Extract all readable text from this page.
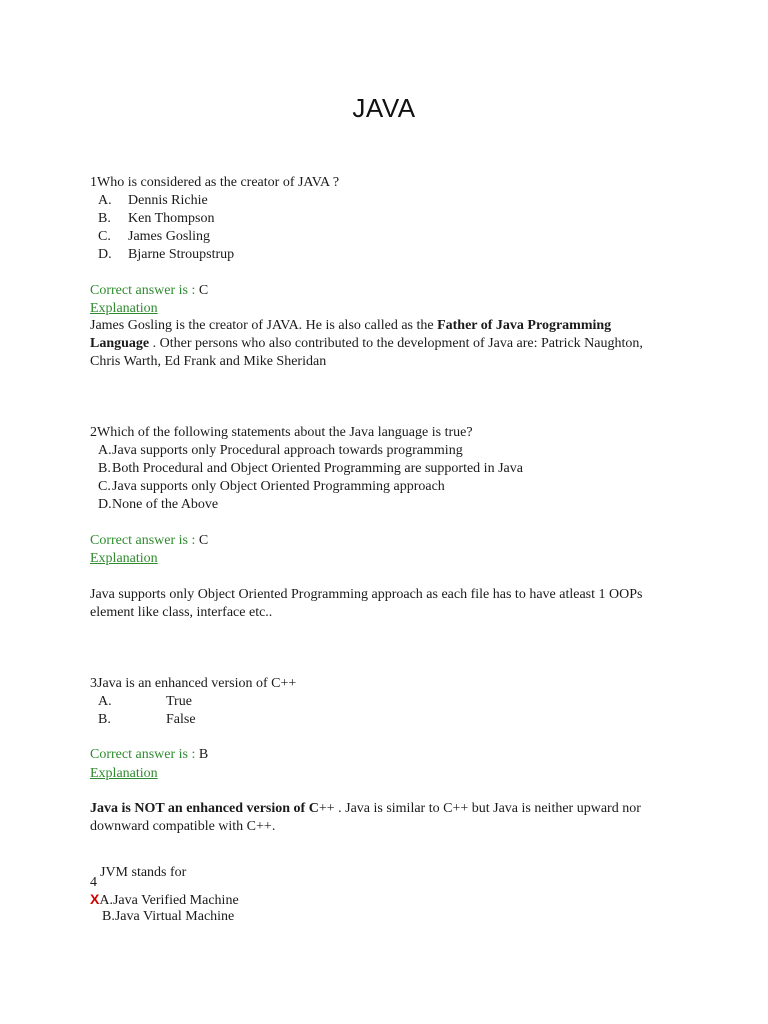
JAVA
1Who is considered as the creator of JAVA ?
A. Dennis Richie
B. Ken Thompson
C. James Gosling
D. Bjarne Stroupstrup
Correct answer is : C
Explanation

James Gosling is the creator of JAVA. He is also called as the Father of Java Programming Language . Other persons who also contributed to the development of Java are: Patrick Naughton, Chris Warth, Ed Frank and Mike Sheridan

2Which of the following statements about the Java language is true?
A. Java supports only Procedural approach towards programming
B. Both Procedural and Object Oriented Programming are supported in Java
C. Java supports only Object Oriented Programming approach
D. None of the Above
Correct answer is : C
Explanation

Java supports only Object Oriented Programming approach as each file has to have atleast 1 OOPs element like class, interface etc..

3Java is an enhanced version of C++
A.	True
B.	False
Correct answer is : B
Explanation

Java is NOT an enhanced version of C++ . Java is similar to C++ but Java is neither upward nor downward compatible with C++.

4
JVM stands for
XA.Java Verified Machine
B.Java Virtual Machine
